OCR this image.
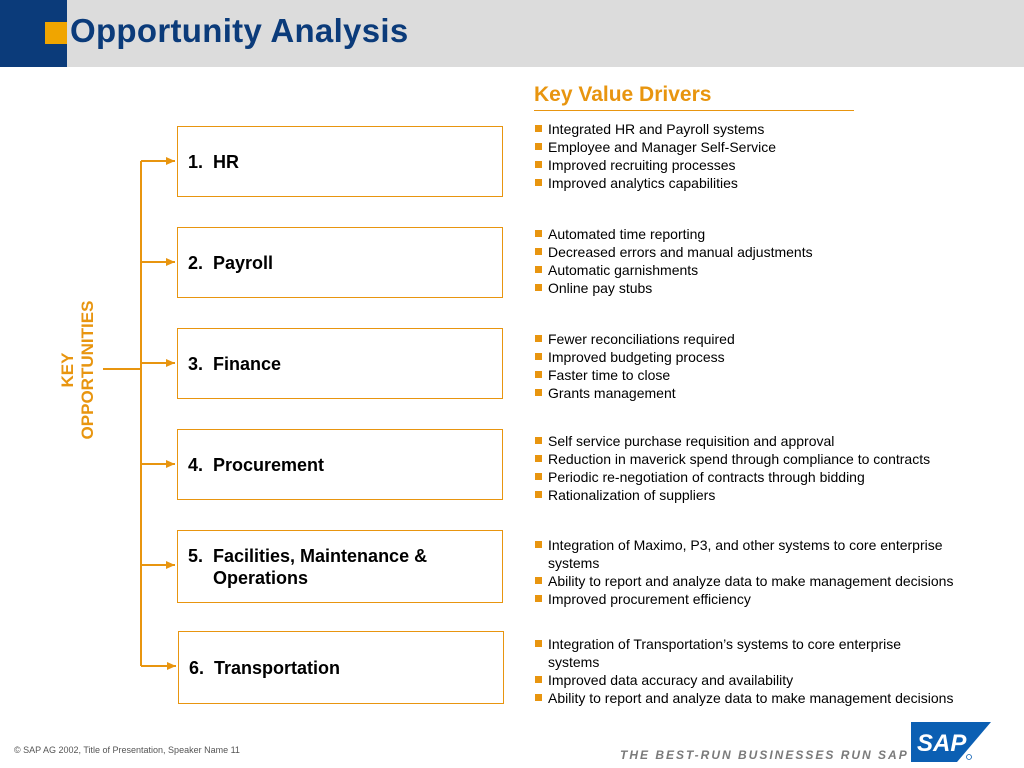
Opportunity Analysis
Key Value Drivers
KEY OPPORTUNITIES
1.  HR
2.  Payroll
3.  Finance
4.  Procurement
5.  Facilities, Maintenance &
Operations
6.  Transportation
Integrated HR and Payroll systems
Employee and Manager Self-Service
Improved recruiting processes
Improved analytics capabilities
Automated time reporting
Decreased errors and manual adjustments
Automatic garnishments
Online pay stubs
Fewer reconciliations required
Improved budgeting process
Faster time to close
Grants management
Self service purchase requisition and approval
Reduction in maverick spend through compliance to contracts
Periodic re-negotiation of contracts through bidding
Rationalization of suppliers
Integration of Maximo, P3, and other systems to core enterprise
systems
Ability to report and analyze data to make management decisions
Improved procurement efficiency
Integration of Transportation’s systems to core enterprise
systems
Improved data accuracy and availability
Ability to report and analyze data to make management decisions
© SAP AG 2002, Title of Presentation, Speaker Name 11	THE BEST-RUN BUSINESSES RUN SAP SAP
